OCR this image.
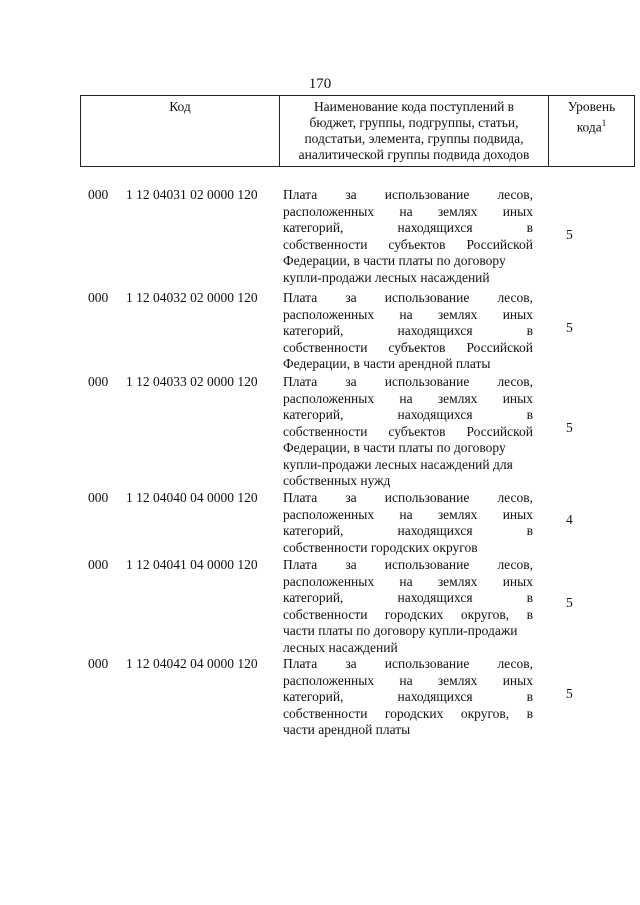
170
Код	Наименование кода поступлений в
бюджет, группы, подгруппы, статьи,
подстатьи, элемента, группы подвида,
аналитической группы подвида доходов

Уровень
кода$^1$
000 1 12 04031 02 0000 120 Плата за использование лесов,
расположенных на землях иных
категорий,	находящихся	в
собственности субъектов Российской
Федерации, в части платы по договору
купли-продажи лесных насаждений
5
000 1 12 04032 02 0000 120 Плата за использование лесов,
расположенных на землях иных
категорий,	находящихся	в
собственности субъектов Российской
Федерации, в части арендной платы
5
000 1 12 04033 02 0000 120 Плата за использование лесов,
расположенных на землях иных
категорий,	находящихся	в
собственности субъектов Российской
Федерации, в части платы по договору
купли-продажи лесных насаждений для
собственных нужд
5
000 1 12 04040 04 0000 120 Плата за использование лесов,
расположенных на землях иных
категорий,	находящихся	в
собственности городских округов
4
000 1 12 04041 04 0000 120 Плата за использование лесов,
расположенных на землях иных
категорий,	находящихся	в
собственности городских округов, в
части платы по договору купли-продажи
лесных насаждений
5
000 1 12 04042 04 0000 120 Плата за использование лесов,
расположенных на землях иных
категорий,	находящихся	в
собственности городских округов, в
части арендной платы
5
